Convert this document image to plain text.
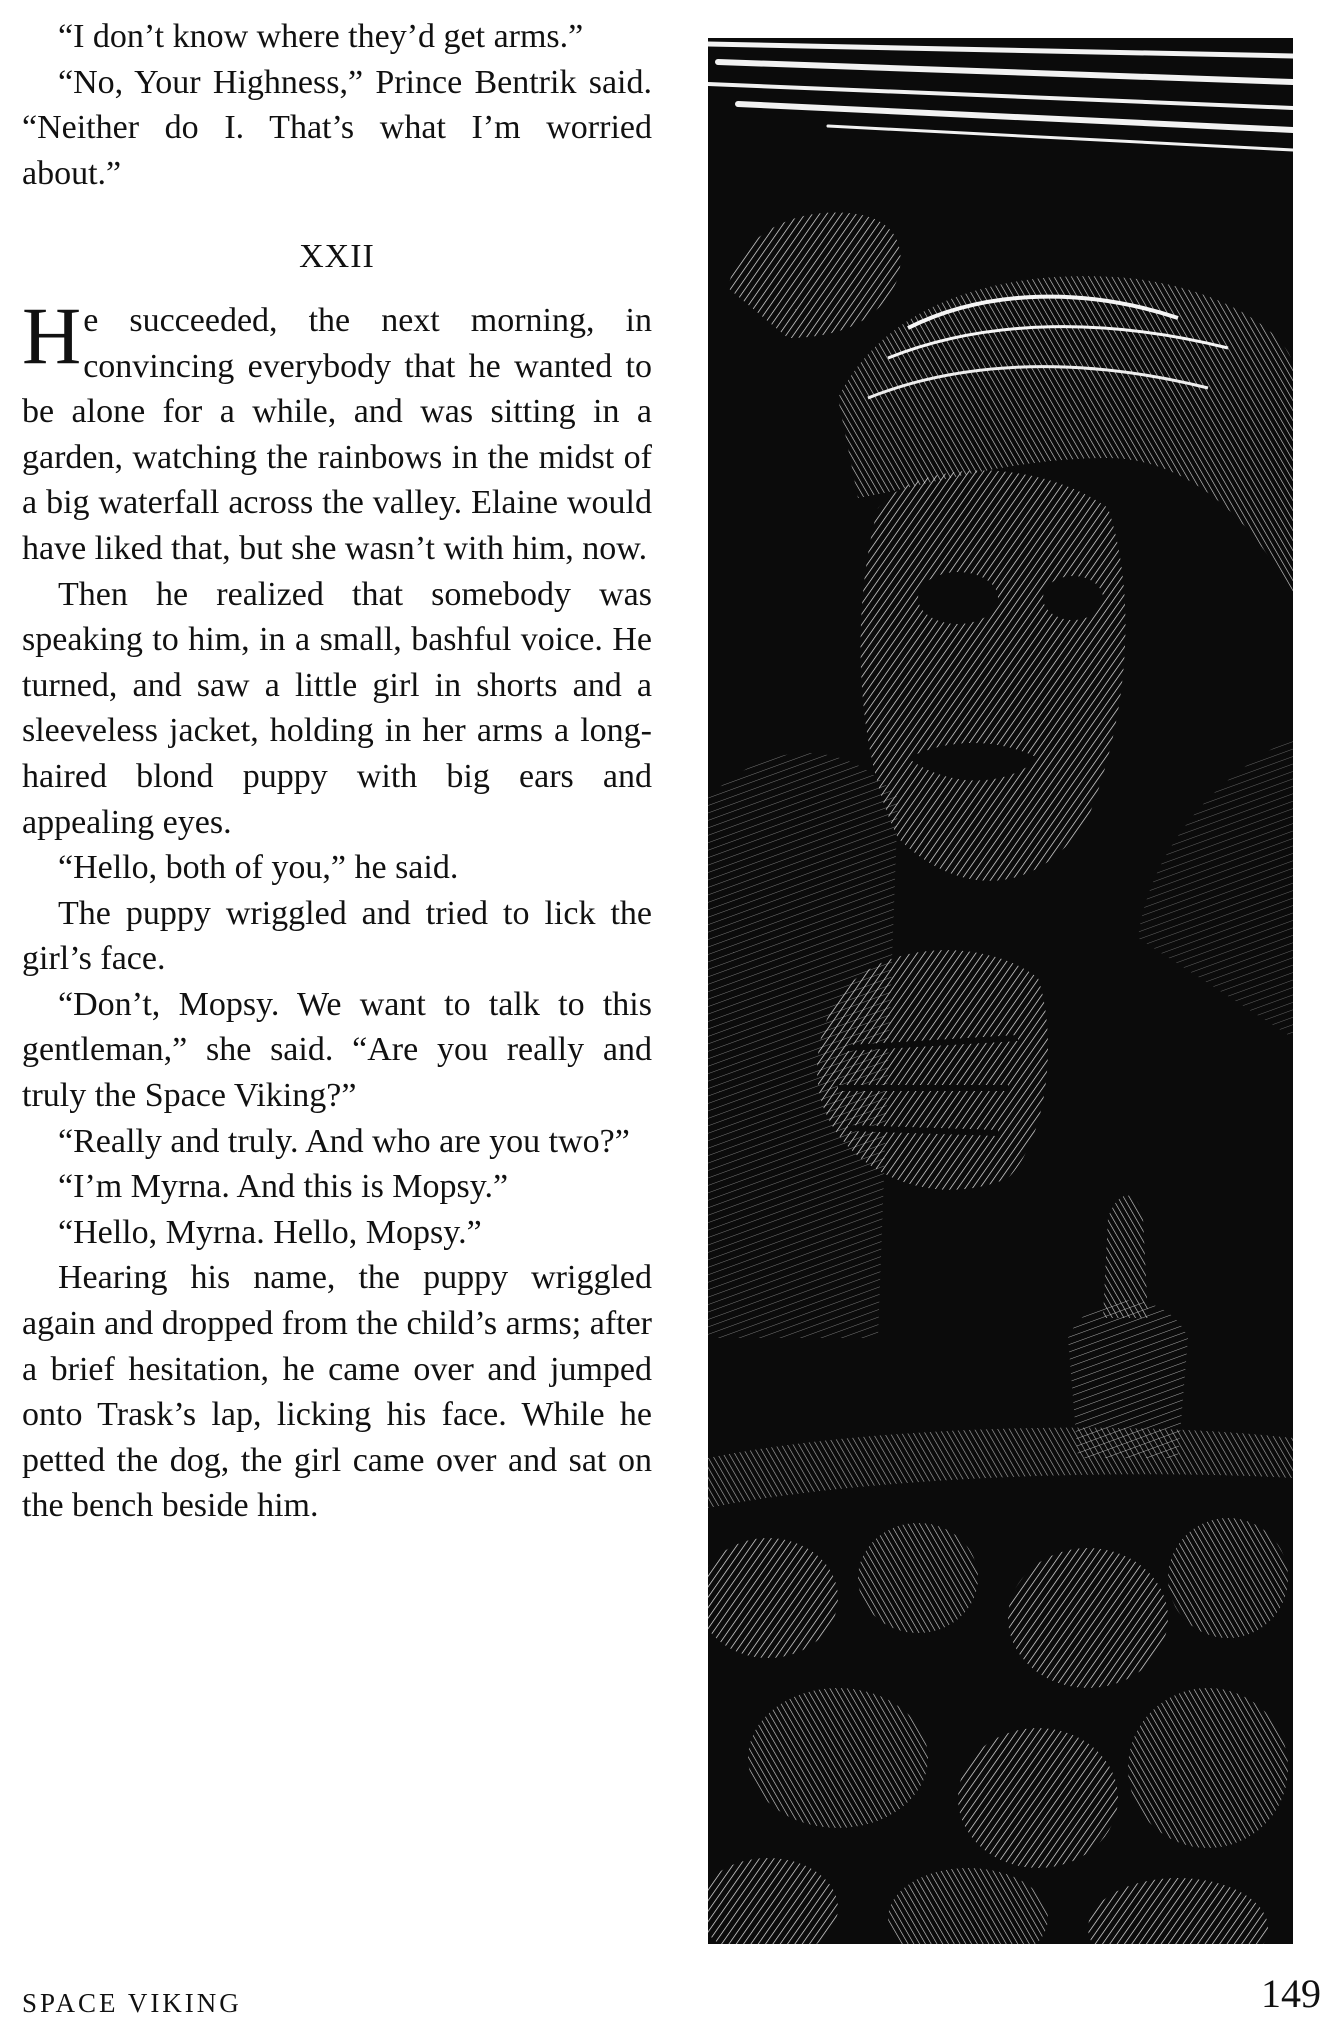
“I don’t know where they’d get arms.”

“No, Your Highness,” Prince Bentrik said. “Neither do I. That’s what I’m worried about.”

XXII

He succeeded, the next morning, in convincing everybody that he wanted to be alone for a while, and was sitting in a garden, watching the rainbows in the midst of a big waterfall across the valley. Elaine would have liked that, but she wasn’t with him, now.

Then he realized that somebody was speaking to him, in a small, bashful voice. He turned, and saw a little girl in shorts and a sleeveless jacket, holding in her arms a long-haired blond puppy with big ears and appealing eyes.

“Hello, both of you,” he said.

The puppy wriggled and tried to lick the girl’s face.

“Don’t, Mopsy. We want to talk to this gentleman,” she said. “Are you really and truly the Space Viking?”

“Really and truly. And who are you two?”

“I’m Myrna. And this is Mopsy.”

“Hello, Myrna. Hello, Mopsy.”

Hearing his name, the puppy wriggled again and dropped from the child’s arms; after a brief hesitation, he came over and jumped onto Trask’s lap, licking his face. While he petted the dog, the girl came over and sat on the bench beside him.

SPACE VIKING	149
